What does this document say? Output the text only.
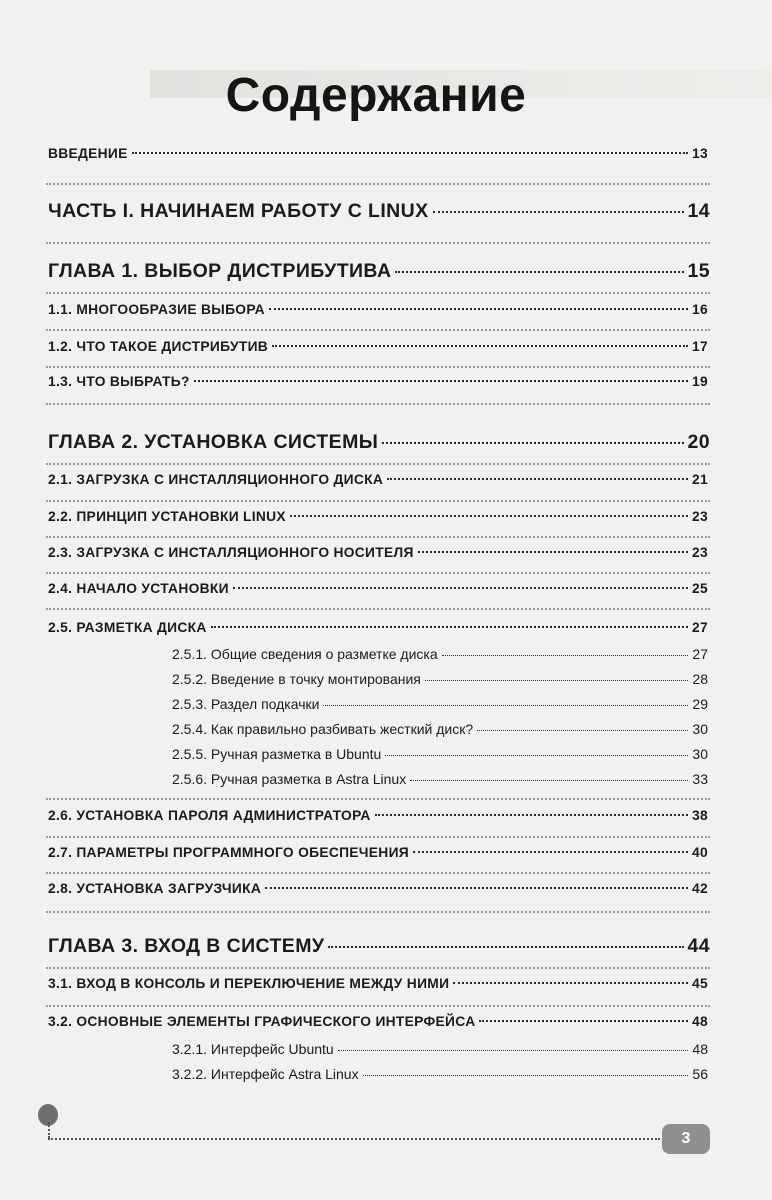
Содержание
ВВЕДЕНИЕ	13
ЧАСТЬ I. НАЧИНАЕМ РАБОТУ С LINUX	14
ГЛАВА 1. ВЫБОР ДИСТРИБУТИВА	15
1.1. МНОГООБРАЗИЕ ВЫБОРА	16
1.2. ЧТО ТАКОЕ ДИСТРИБУТИВ	17
1.3. ЧТО ВЫБРАТЬ?	19
ГЛАВА 2. УСТАНОВКА СИСТЕМЫ	20
2.1. ЗАГРУЗКА С ИНСТАЛЛЯЦИОННОГО ДИСКА	21
2.2. ПРИНЦИП УСТАНОВКИ LINUX	23
2.3. ЗАГРУЗКА С ИНСТАЛЛЯЦИОННОГО НОСИТЕЛЯ	23
2.4. НАЧАЛО УСТАНОВКИ	25
2.5. РАЗМЕТКА ДИСКА	27
2.5.1. Общие сведения о разметке диска	27
2.5.2. Введение в точку монтирования	28
2.5.3. Раздел подкачки	29
2.5.4. Как правильно разбивать жесткий диск?	30
2.5.5. Ручная разметка в Ubuntu	30
2.5.6. Ручная разметка в Astra Linux	33
2.6. УСТАНОВКА ПАРОЛЯ АДМИНИСТРАТОРА	38
2.7. ПАРАМЕТРЫ ПРОГРАММНОГО ОБЕСПЕЧЕНИЯ	40
2.8. УСТАНОВКА ЗАГРУЗЧИКА	42
ГЛАВА 3. ВХОД В СИСТЕМУ	44
3.1. ВХОД В КОНСОЛЬ И ПЕРЕКЛЮЧЕНИЕ МЕЖДУ НИМИ	45
3.2. ОСНОВНЫЕ ЭЛЕМЕНТЫ ГРАФИЧЕСКОГО ИНТЕРФЕЙСА	48
3.2.1. Интерфейс Ubuntu	48
3.2.2. Интерфейс Astra Linux	56
3
